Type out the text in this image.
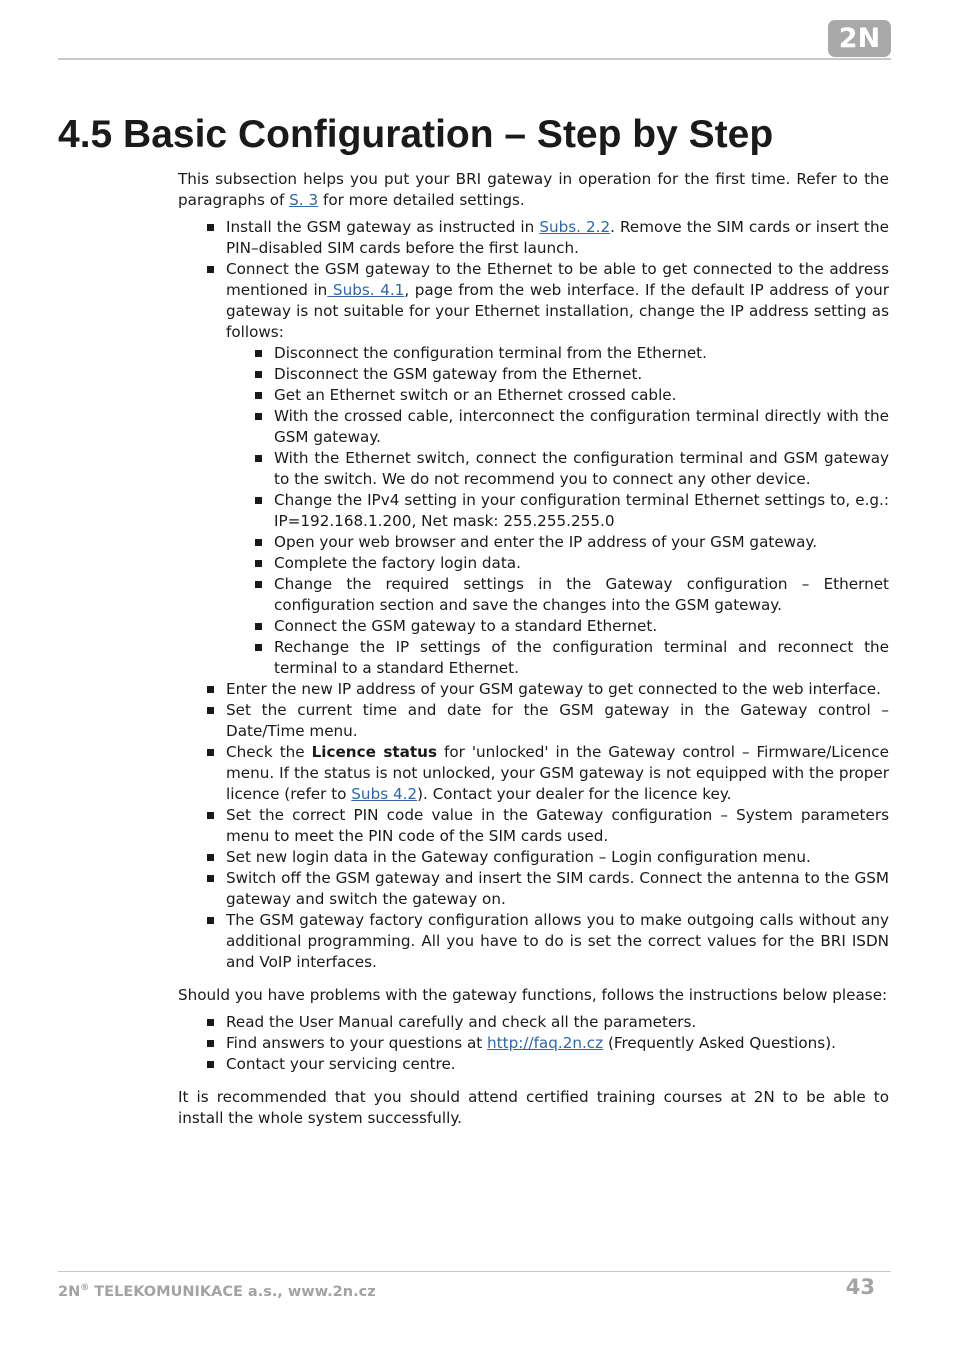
2N
4.5 Basic Configuration – Step by Step

This subsection helps you put your BRI gateway in operation for the first time. Refer to the paragraphs of S. 3 for more detailed settings.

Install the GSM gateway as instructed in Subs. 2.2. Remove the SIM cards or insert the PIN–disabled SIM cards before the first launch.
Connect the GSM gateway to the Ethernet to be able to get connected to the address mentioned in Subs. 4.1, page from the web interface. If the default IP address of your gateway is not suitable for your Ethernet installation, change the IP address setting as follows:
Disconnect the configuration terminal from the Ethernet.
Disconnect the GSM gateway from the Ethernet.
Get an Ethernet switch or an Ethernet crossed cable.
With the crossed cable, interconnect the configuration terminal directly with the GSM gateway.
With the Ethernet switch, connect the configuration terminal and GSM gateway to the switch. We do not recommend you to connect any other device.
Change the IPv4 setting in your configuration terminal Ethernet settings to, e.g.: IP=192.168.1.200, Net mask: 255.255.255.0
Open your web browser and enter the IP address of your GSM gateway.
Complete the factory login data.
Change the required settings in the Gateway configuration – Ethernet configuration section and save the changes into the GSM gateway.
Connect the GSM gateway to a standard Ethernet.
Rechange the IP settings of the configuration terminal and reconnect the terminal to a standard Ethernet.
Enter the new IP address of your GSM gateway to get connected to the web interface.
Set the current time and date for the GSM gateway in the Gateway control – Date/Time menu.
Check the Licence status for 'unlocked' in the Gateway control – Firmware/Licence menu. If the status is not unlocked, your GSM gateway is not equipped with the proper licence (refer to Subs 4.2). Contact your dealer for the licence key.
Set the correct PIN code value in the Gateway configuration – System parameters menu to meet the PIN code of the SIM cards used.
Set new login data in the Gateway configuration – Login configuration menu.
Switch off the GSM gateway and insert the SIM cards. Connect the antenna to the GSM gateway and switch the gateway on.
The GSM gateway factory configuration allows you to make outgoing calls without any additional programming. All you have to do is set the correct values for the BRI ISDN and VoIP interfaces.

Should you have problems with the gateway functions, follows the instructions below please:

Read the User Manual carefully and check all the parameters.
Find answers to your questions at http://faq.2n.cz (Frequently Asked Questions).
Contact your servicing centre.

It is recommended that you should attend certified training courses at 2N to be able to install the whole system successfully.

2N® TELEKOMUNIKACE a.s., www.2n.cz	43
